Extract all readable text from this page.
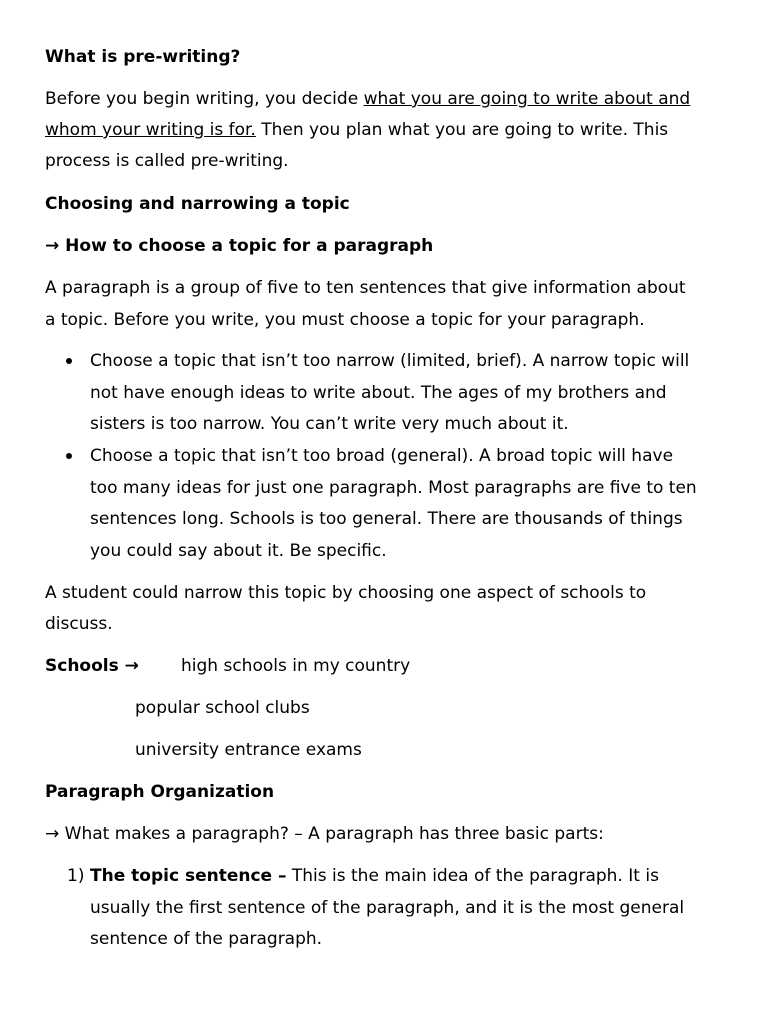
What is pre-writing?
Before you begin writing, you decide what you are going to write about and
whom your writing is for. Then you plan what you are going to write. This
process is called pre-writing.
Choosing and narrowing a topic
→ How to choose a topic for a paragraph
A paragraph is a group of five to ten sentences that give information about
a topic. Before you write, you must choose a topic for your paragraph.
Choose a topic that isn’t too narrow (limited, brief). A narrow topic will
not have enough ideas to write about. The ages of my brothers and
sisters is too narrow. You can’t write very much about it.
Choose a topic that isn’t too broad (general). A broad topic will have
too many ideas for just one paragraph. Most paragraphs are five to ten
sentences long. Schools is too general. There are thousands of things
you could say about it. Be specific.
A student could narrow this topic by choosing one aspect of schools to
discuss.
Schools → high schools in my country
popular school clubs
university entrance exams
Paragraph Organization
→ What makes a paragraph? – A paragraph has three basic parts:
1) The topic sentence – This is the main idea of the paragraph. It is
usually the first sentence of the paragraph, and it is the most general
sentence of the paragraph.
